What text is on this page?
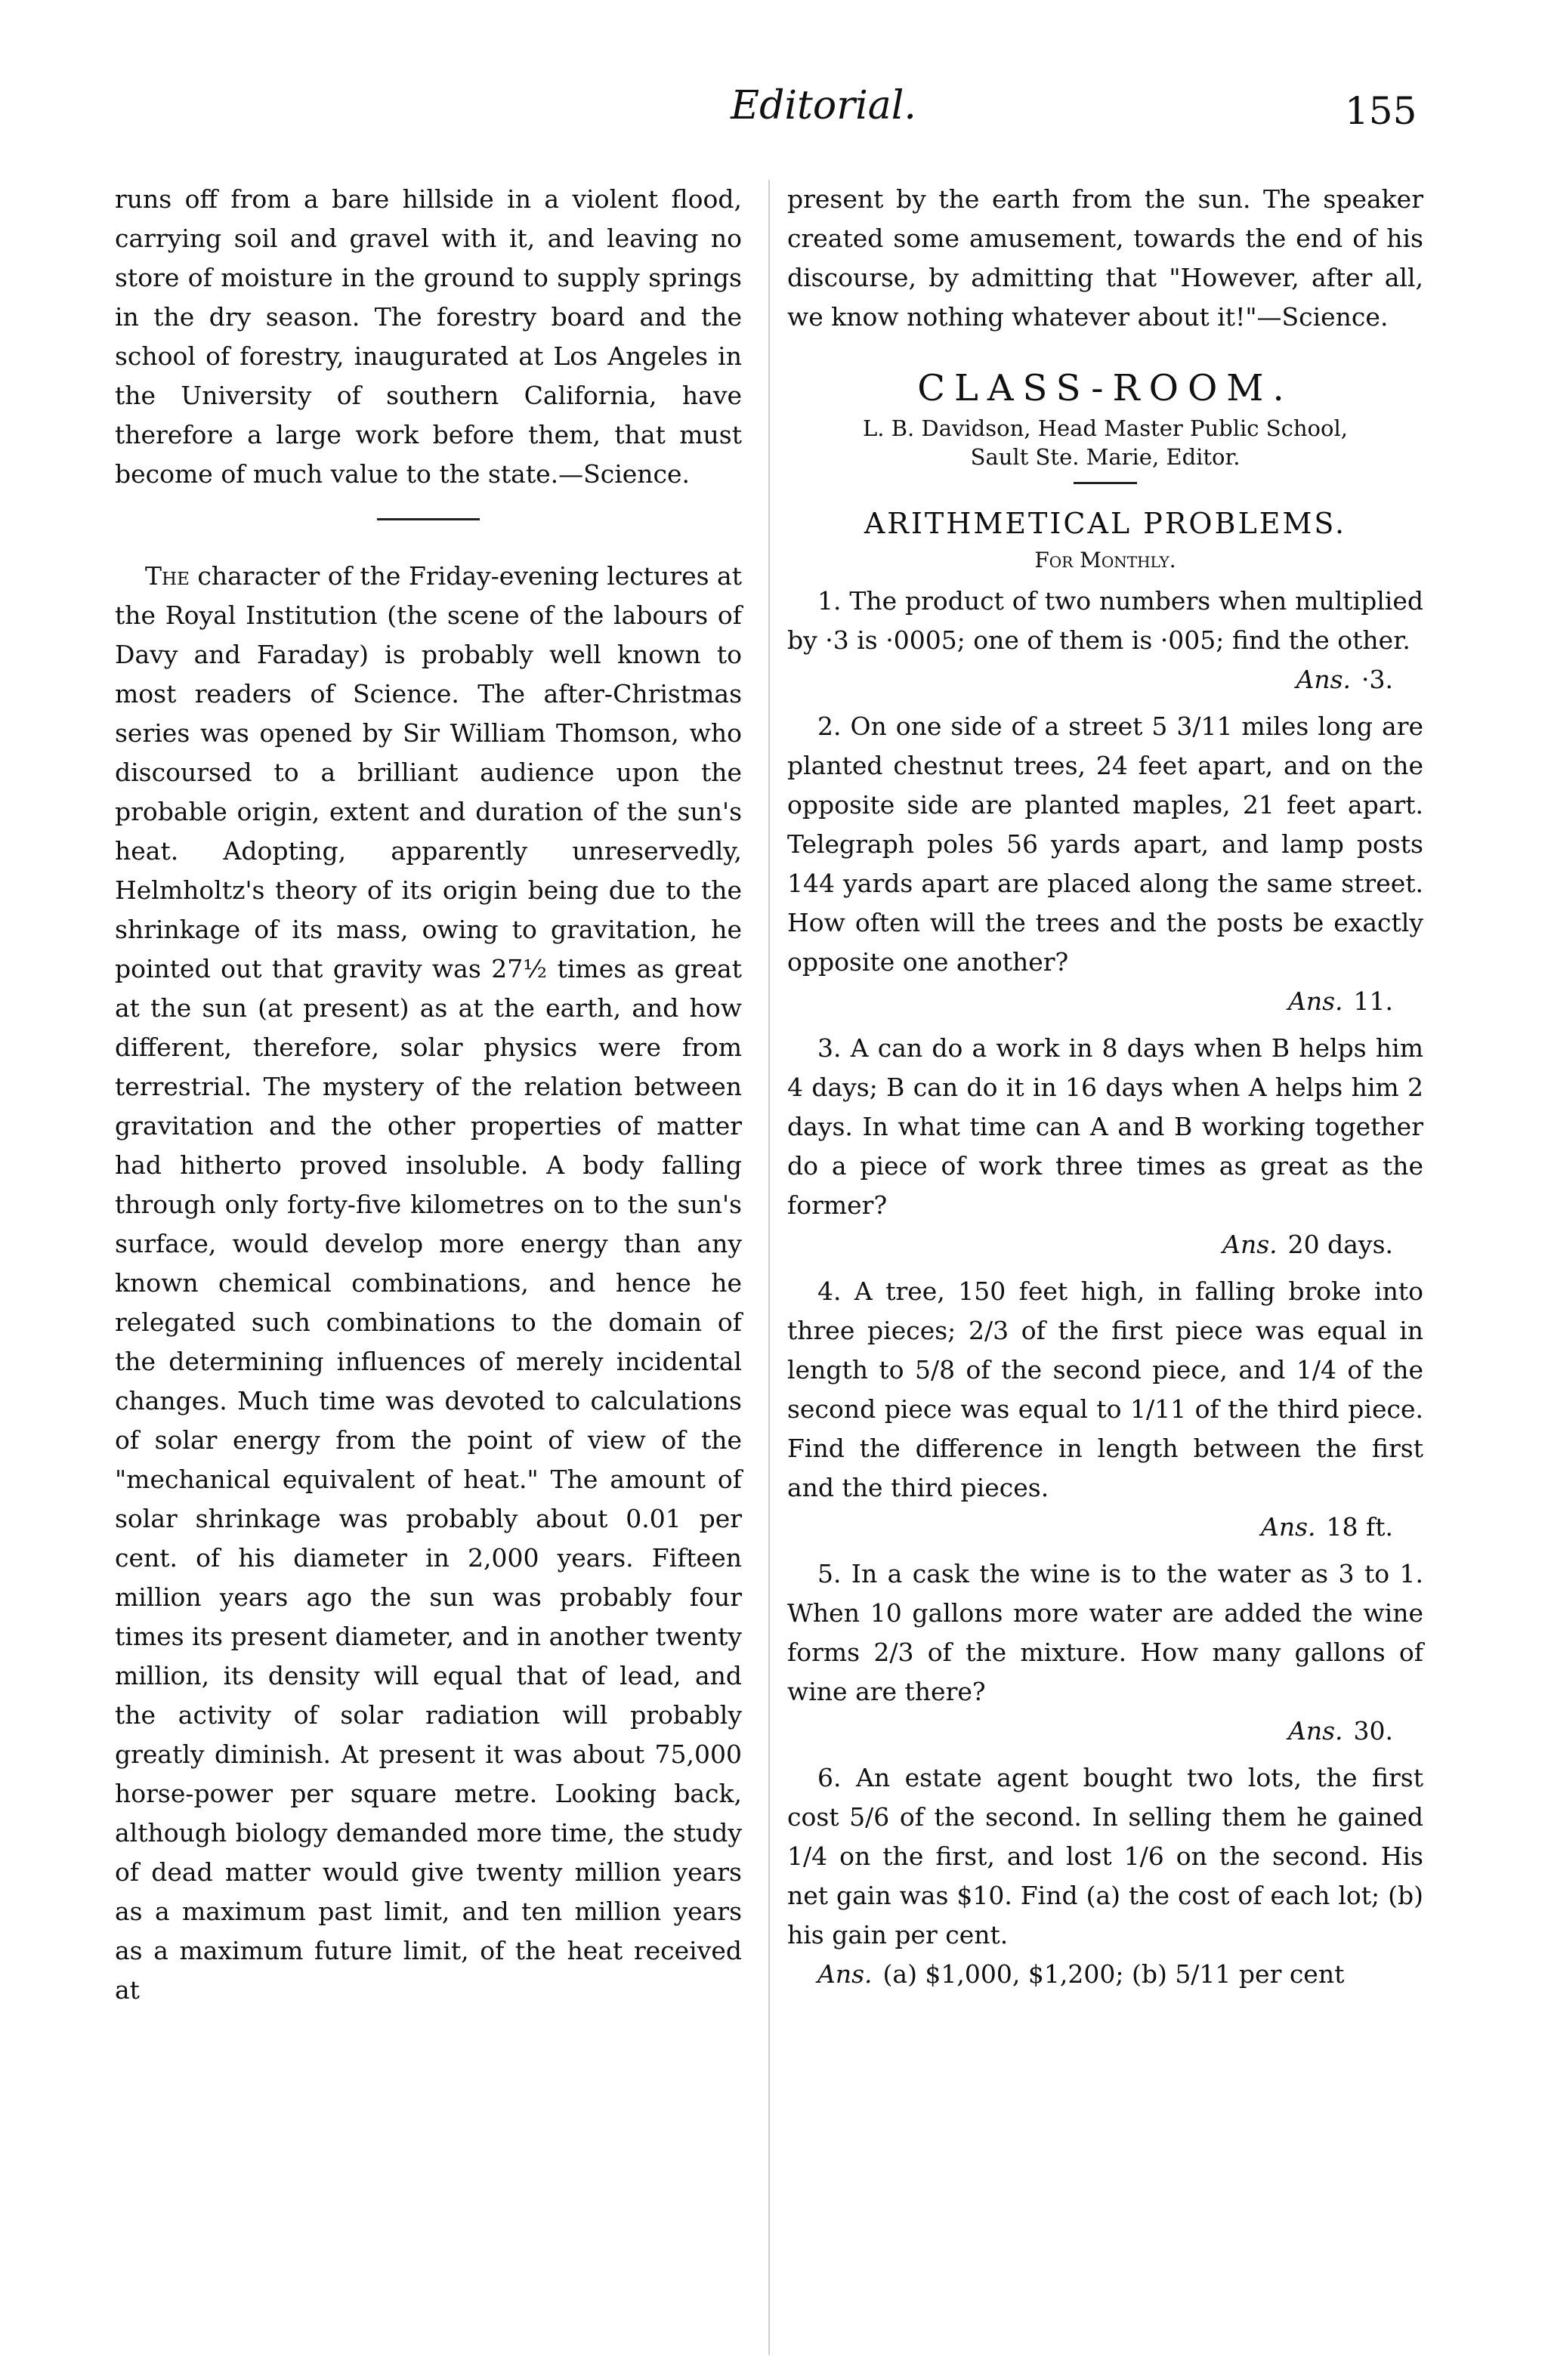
Editorial.	155

runs off from a bare hillside in a violent flood, carrying soil and gravel with it, and leaving no store of moisture in the ground to supply springs in the dry season. The forestry board and the school of forestry, inaugurated at Los Angeles in the University of southern California, have therefore a large work before them, that must become of much value to the state.—Science.

The character of the Friday-evening lectures at the Royal Institution (the scene of the labours of Davy and Faraday) is probably well known to most readers of Science. The after-Christmas series was opened by Sir William Thomson, who discoursed to a brilliant audience upon the probable origin, extent and duration of the sun's heat. Adopting, apparently unreservedly, Helmholtz's theory of its origin being due to the shrinkage of its mass, owing to gravitation, he pointed out that gravity was 27½ times as great at the sun (at present) as at the earth, and how different, therefore, solar physics were from terrestrial. The mystery of the relation between gravitation and the other properties of matter had hitherto proved insoluble. A body falling through only forty-five kilometres on to the sun's surface, would develop more energy than any known chemical combinations, and hence he relegated such combinations to the domain of the determining influences of merely incidental changes. Much time was devoted to calculations of solar energy from the point of view of the "mechanical equivalent of heat." The amount of solar shrinkage was probably about 0.01 per cent. of his diameter in 2,000 years. Fifteen million years ago the sun was probably four times its present diameter, and in another twenty million, its density will equal that of lead, and the activity of solar radiation will probably greatly diminish. At present it was about 75,000 horse-power per square metre. Looking back, although biology demanded more time, the study of dead matter would give twenty million years as a maximum past limit, and ten million years as a maximum future limit, of the heat received at

present by the earth from the sun. The speaker created some amusement, towards the end of his discourse, by admitting that "However, after all, we know nothing whatever about it!"—Science.

CLASS-ROOM.

L. B. Davidson, Head Master Public School,

Sault Ste. Marie, Editor.

ARITHMETICAL PROBLEMS.
For Monthly.

1. The product of two numbers when multiplied by ·3 is ·0005; one of them is ·005; find the other.

Ans. ·3.

2. On one side of a street 5 3/11 miles long are planted chestnut trees, 24 feet apart, and on the opposite side are planted maples, 21 feet apart. Telegraph poles 56 yards apart, and lamp posts 144 yards apart are placed along the same street. How often will the trees and the posts be exactly opposite one another?

Ans. 11.

3. A can do a work in 8 days when B helps him 4 days; B can do it in 16 days when A helps him 2 days. In what time can A and B working together do a piece of work three times as great as the former?

Ans. 20 days.

4. A tree, 150 feet high, in falling broke into three pieces; 2/3 of the first piece was equal in length to 5/8 of the second piece, and 1/4 of the second piece was equal to 1/11 of the third piece. Find the difference in length between the first and the third pieces.

Ans. 18 ft.

5. In a cask the wine is to the water as 3 to 1. When 10 gallons more water are added the wine forms 2/3 of the mixture. How many gallons of wine are there?

Ans. 30.

6. An estate agent bought two lots, the first cost 5/6 of the second. In selling them he gained 1/4 on the first, and lost 1/6 on the second. His net gain was $10. Find (a) the cost of each lot; (b) his gain per cent.

Ans. (a) $1,000, $1,200; (b) 5/11 per cent
